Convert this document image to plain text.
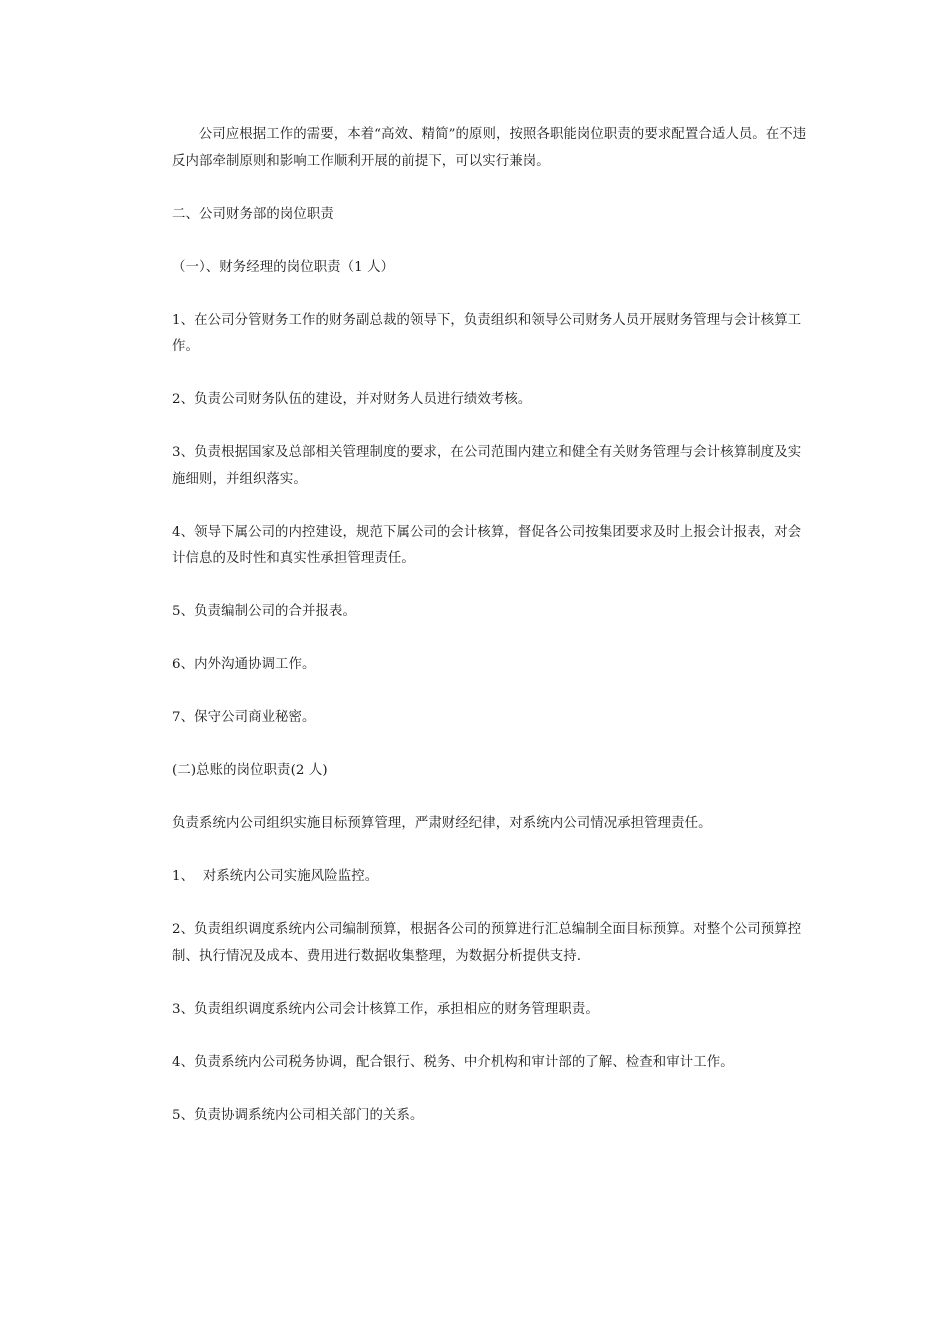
公司应根据工作的需要，本着“高效、精简”的原则，按照各职能岗位职责的要求配置合适人员。在不违反内部牵制原则和影响工作顺利开展的前提下，可以实行兼岗。

二、公司财务部的岗位职责

（一）、财务经理的岗位职责（1 人）

1、在公司分管财务工作的财务副总裁的领导下，负责组织和领导公司财务人员开展财务管理与会计核算工作。

2、负责公司财务队伍的建设，并对财务人员进行绩效考核。

3、负责根据国家及总部相关管理制度的要求，在公司范围内建立和健全有关财务管理与会计核算制度及实施细则，并组织落实。

4、领导下属公司的内控建设，规范下属公司的会计核算，督促各公司按集团要求及时上报会计报表，对会计信息的及时性和真实性承担管理责任。

5、负责编制公司的合并报表。

6、内外沟通协调工作。

7、保守公司商业秘密。

(二)总账的岗位职责(2 人)

负责系统内公司组织实施目标预算管理，严肃财经纪律，对系统内公司情况承担管理责任。

1、  对系统内公司实施风险监控。

2、负责组织调度系统内公司编制预算，根据各公司的预算进行汇总编制全面目标预算。对整个公司预算控制、执行情况及成本、费用进行数据收集整理，为数据分析提供支持.

3、负责组织调度系统内公司会计核算工作，承担相应的财务管理职责。

4、负责系统内公司税务协调，配合银行、税务、中介机构和审计部的了解、检查和审计工作。

5、负责协调系统内公司相关部门的关系。
